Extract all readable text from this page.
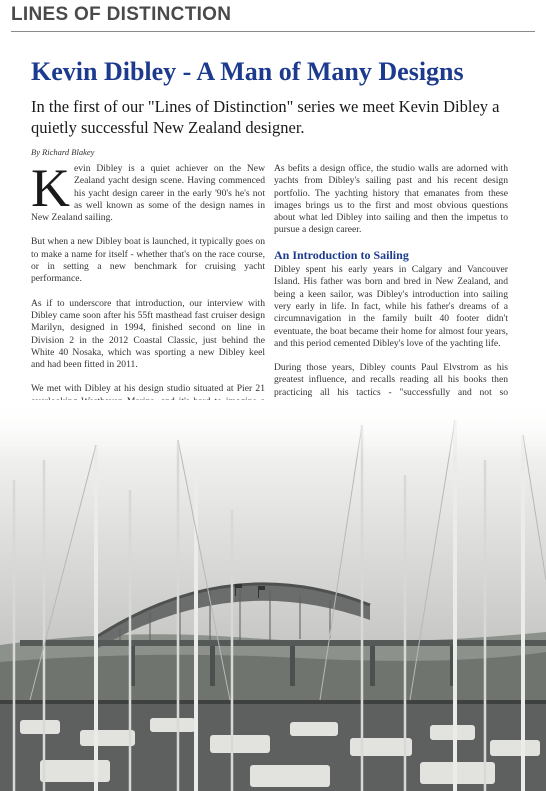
LINES OF DISTINCTION
Kevin Dibley - A Man of Many Designs
In the first of our "Lines of Distinction" series we meet Kevin Dibley a quietly successful New Zealand designer.
By Richard Blakey

Kevin Dibley is a quiet achiever on the New Zealand yacht design scene. Having commenced his yacht design career in the early '90's he's not as well known as some of the design names in New Zealand sailing.

But when a new Dibley boat is launched, it typically goes on to make a name for itself - whether that's on the race course, or in setting a new benchmark for cruising yacht performance.

As if to underscore that introduction, our interview with Dibley came soon after his 55ft masthead fast cruiser design Marilyn, designed in 1994, finished second on line in Division 2 in the 2012 Coastal Classic, just behind the White 40 Nosaka, which was sporting a new Dibley keel and had been fitted in 2011.

We met with Dibley at his design studio situated at Pier 21

As befits a design office, the studio walls are adorned with yachts from Dibley's sailing past and his recent design portfolio. The yachting history that emanates from these images brings us to the first and most obvious questions about what led Dibley into sailing and then the impetus to pursue a design career.

An Introduction to Sailing

Dibley spent his early years in Calgary and Vancouver Island. His father was born and bred in New Zealand, and being a keen sailor, was Dibley's introduction into sailing very early in life. In fact, while his father's dreams of a circumnavigation in the family built 40 footer didn't eventuate, the boat became their home for almost four years, and this period cemented Dibley's love of the yachting life.

During those years, Dibley counts Paul Elvstrom as his greatest influence, and recalls reading all his books then practicing all his tactics - "successfully and not so
